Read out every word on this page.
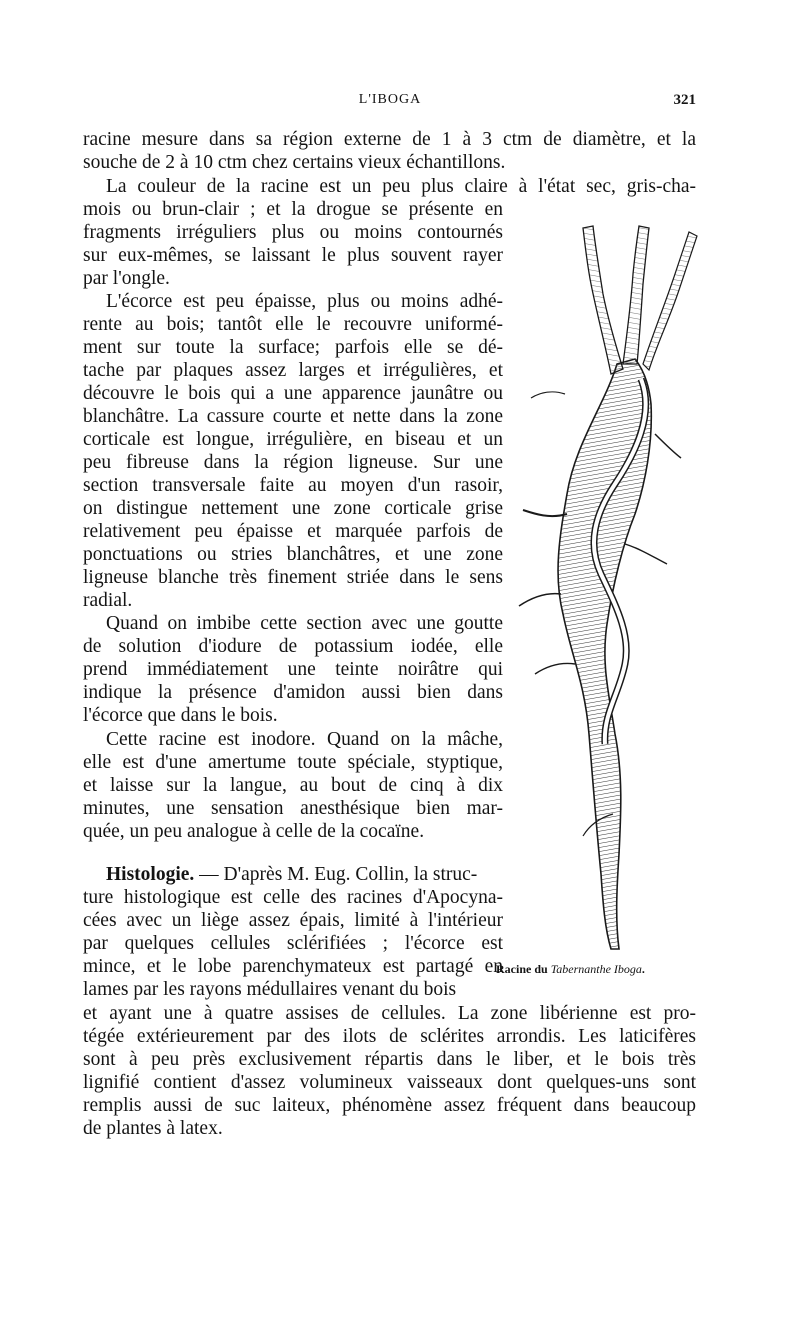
L'IBOGA	321
racine mesure dans sa région externe de 1 à 3 ctm de diamètre, et la
souche de 2 à 10 ctm chez certains vieux échantillons.
La couleur de la racine est un peu plus claire à l'état sec, gris-cha-
mois ou brun-clair ; et la drogue se présente en
fragments irréguliers plus ou moins contournés
sur eux-mêmes, se laissant le plus souvent rayer
par l'ongle.
L'écorce est peu épaisse, plus ou moins adhé-
rente au bois; tantôt elle le recouvre uniformé-
ment sur toute la surface; parfois elle se dé-
tache par plaques assez larges et irrégulières, et
découvre le bois qui a une apparence jaunâtre ou
blanchâtre. La cassure courte et nette dans la zone
corticale est longue, irrégulière, en biseau et un
peu fibreuse dans la région ligneuse. Sur une
section transversale faite au moyen d'un rasoir,
on distingue nettement une zone corticale grise
relativement peu épaisse et marquée parfois de
ponctuations ou stries blanchâtres, et une zone
ligneuse blanche très finement striée dans le sens
radial.
Quand on imbibe cette section avec une goutte
de solution d'iodure de potassium iodée, elle
prend immédiatement une teinte noirâtre qui
indique la présence d'amidon aussi bien dans
l'écorce que dans le bois.
Cette racine est inodore. Quand on la mâche,
elle est d'une amertume toute spéciale, styptique,
et laisse sur la langue, au bout de cinq à dix
minutes, une sensation anesthésique bien mar-
quée, un peu analogue à celle de la cocaïne.
Histologie. — D'après M. Eug. Collin, la struc-
ture histologique est celle des racines d'Apocyna-
cées avec un liège assez épais, limité à l'intérieur
par quelques cellules sclérifiées ; l'écorce est
mince, et le lobe parenchymateux est partagé en
lames par les rayons médullaires venant du bois
et ayant une à quatre assises de cellules. La zone libérienne est pro-
tégée extérieurement par des ilots de sclérites arrondis. Les laticifères
sont à peu près exclusivement répartis dans le liber, et le bois très
lignifié contient d'assez volumineux vaisseaux dont quelques-uns sont
remplis aussi de suc laiteux, phénomène assez fréquent dans beaucoup
de plantes à latex.
Racine du Tabernanthe Iboga.
